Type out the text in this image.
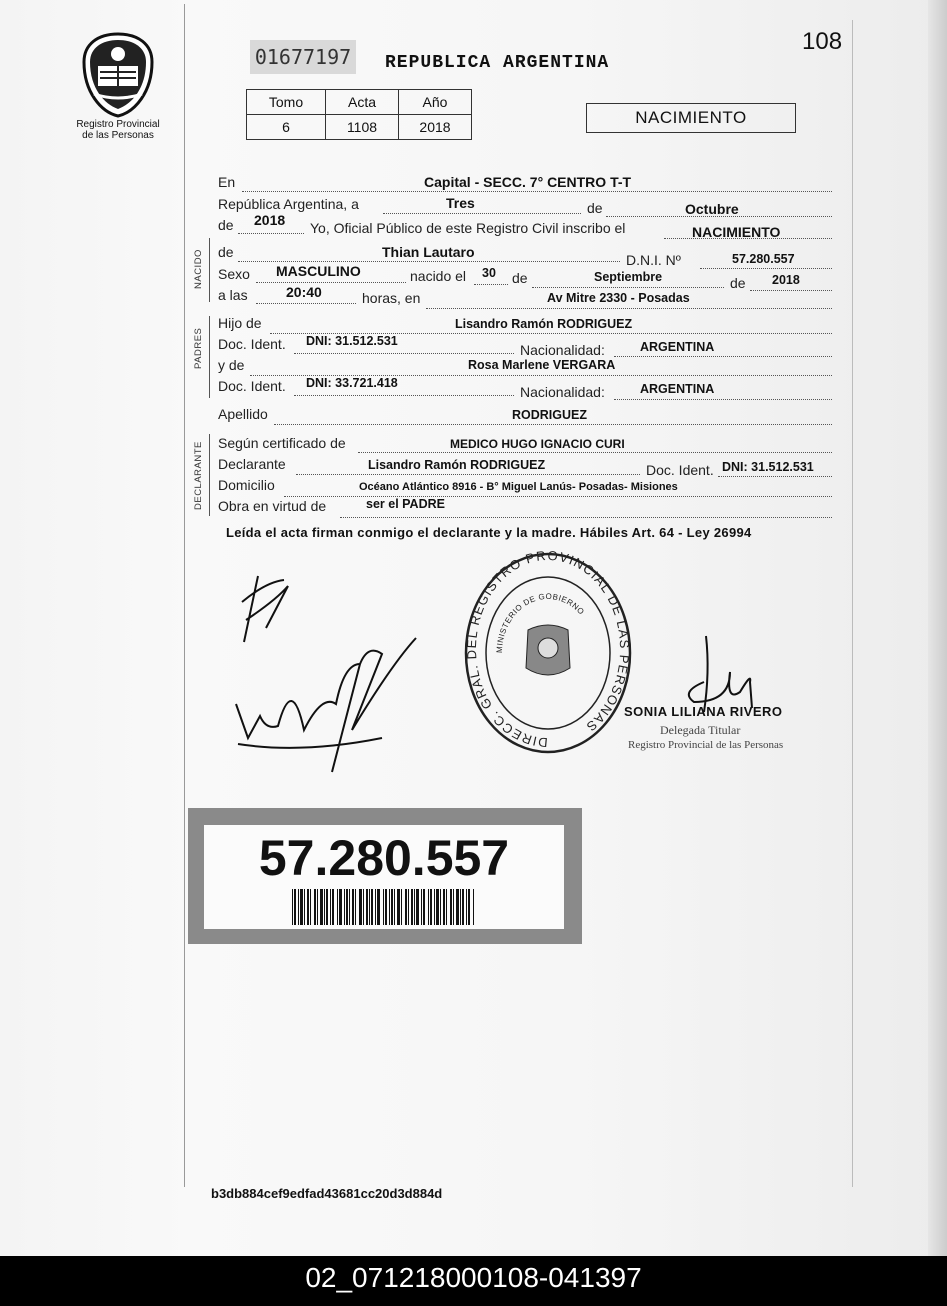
Registro Provincial
de las Personas
01677197 REPUBLICA ARGENTINA
108
Tomo	Acta	Año
6	1108	2018	NACIMIENTO
NACIDO
PADRES
DECLARANTE
En	Capital - SECC. 7° CENTRO T-T
República Argentina, a	Tres	de	Octubre
de 2018 Yo, Oficial Público de este Registro Civil inscribo el	NACIMIENTO
de	Thian Lautaro	D.N.I. Nº	57.280.557
Sexo MASCULINO	nacido el 30 de	Septiembre	de 2018
a las	20:40	horas, en	Av Mitre 2330 - Posadas
Hijo de	Lisandro Ramón RODRIGUEZ
Doc. Ident. DNI: 31.512.531
Nacionalidad:	ARGENTINA
y de	Rosa Marlene VERGARA
Doc. Ident. DNI: 33.721.418
Nacionalidad:	ARGENTINA
Apellido	RODRIGUEZ
Según certificado de	MEDICO HUGO IGNACIO CURI
Declarante	Lisandro Ramón RODRIGUEZ	Doc. Ident. DNI: 31.512.531
Domicilio	Océano Atlántico 8916 - B° Miguel Lanús- Posadas- Misiones
Obra en virtud de	ser el PADRE
Leída el acta firman conmigo el declarante y la madre. Hábiles Art. 64 - Ley 26994
DIRECC. GRAL. DEL REGISTRO PROVINCIAL DE LAS PERSONAS
MINISTERIO DE GOBIERNO
SONIA LILIANA RIVERO
Delegada Titular
Registro Provincial de las Personas
57.280.557
b3db884cef9edfad43681cc20d3d884d
02_071218000108-041397
